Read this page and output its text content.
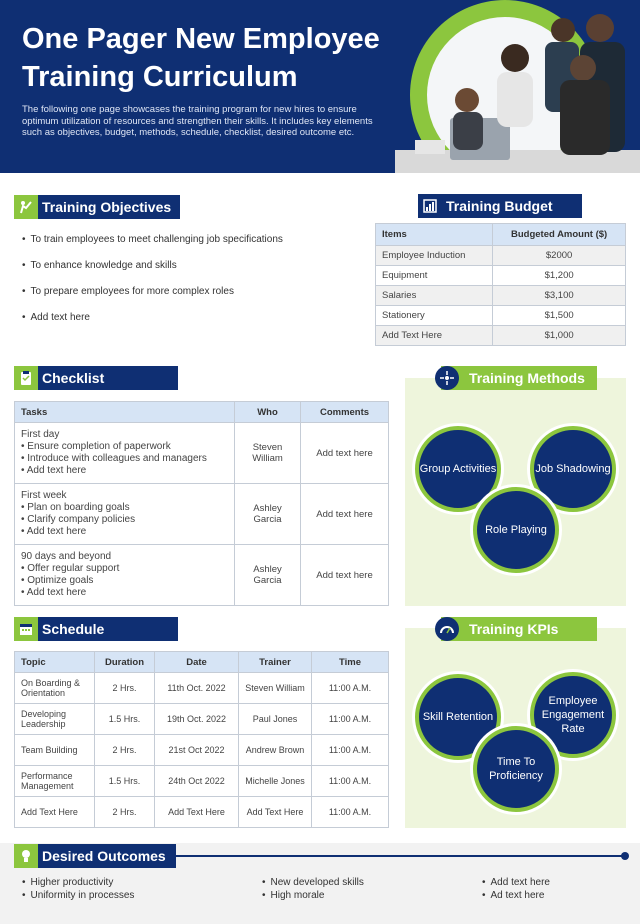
One Pager New Employee
Training Curriculum

The following one page showcases the training program for new hires to ensure optimum utilization of resources and strengthen their skills. It includes key elements such as objectives, budget, methods, schedule, checklist, desired outcome etc.

Training Objectives
• To train employees to meet challenging job specifications
• To enhance knowledge and skills
• To prepare employees for more complex roles
• Add text here
Training Budget
Items	Budgeted Amount ($)
Employee Induction	$2000
Equipment	$1,200
Salaries	$3,100
Stationery	$1,500
Add Text Here	$1,000
Checklist
Tasks	Who	Comments

First day
• Ensure completion of paperwork
• Introduce with colleagues and managers
• Add text here	Steven William	Add text here

First week
• Plan on boarding goals
• Clarify company policies
• Add text here	Ashley Garcia	Add text here

90 days and beyond
• Offer regular support
• Optimize goals
• Add text here	Ashley Garcia	Add text here
Training Methods
Group Activities	Job Shadowing
Role Playing
Schedule
Topic	Duration	Date	Trainer	Time
On Boarding & Orientation	2 Hrs.	11th Oct. 2022	Steven William	11:00 A.M.
Developing Leadership	1.5 Hrs.	19th Oct. 2022	Paul Jones	11:00 A.M.
Team Building	2 Hrs.	21st Oct 2022	Andrew Brown	11:00 A.M.
Performance Management	1.5 Hrs.	24th Oct 2022	Michelle Jones	11:00 A.M.
Add Text Here	2 Hrs.	Add Text Here	Add Text Here	11:00 A.M.
Training KPIs
Skill Retention
Employee Engagement Rate
Time To Proficiency
• Higher productivity
• Uniformity in processes
• New developed skills
• High morale
• Add text here
• Ad text here
Desired Outcomes
